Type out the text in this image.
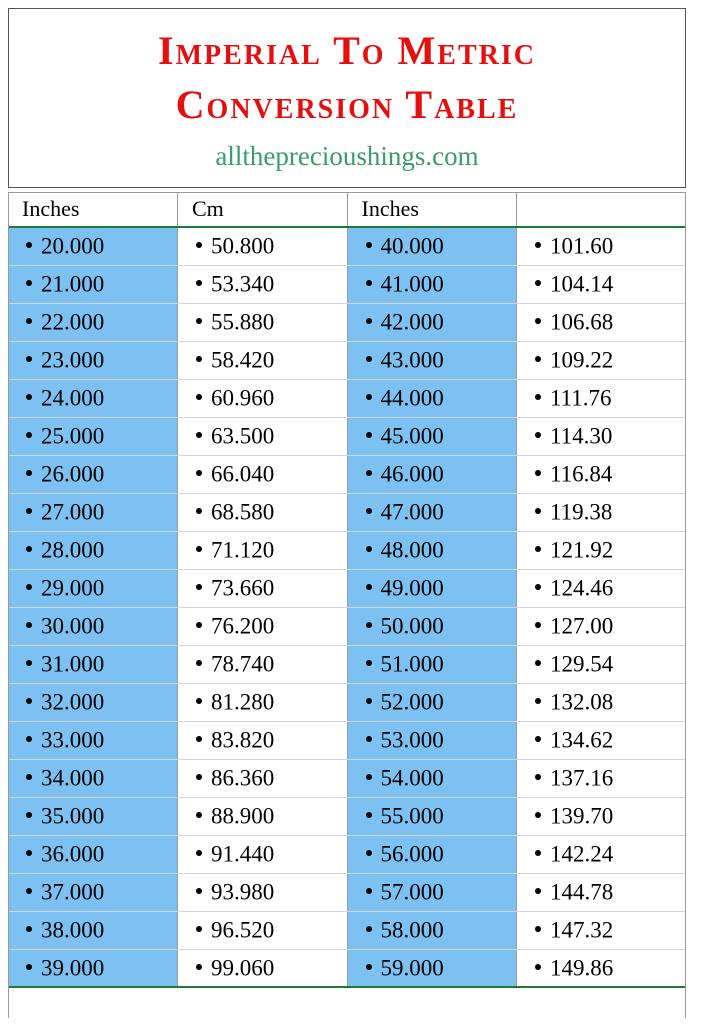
Imperial To Metric
Conversion Table
alltheprecioushings.com
Inches	Cm	Inches	
20.000	50.800	40.000	101.60
21.000	53.340	41.000	104.14
22.000	55.880	42.000	106.68
23.000	58.420	43.000	109.22
24.000	60.960	44.000	111.76
25.000	63.500	45.000	114.30
26.000	66.040	46.000	116.84
27.000	68.580	47.000	119.38
28.000	71.120	48.000	121.92
29.000	73.660	49.000	124.46
30.000	76.200	50.000	127.00
31.000	78.740	51.000	129.54
32.000	81.280	52.000	132.08
33.000	83.820	53.000	134.62
34.000	86.360	54.000	137.16
35.000	88.900	55.000	139.70
36.000	91.440	56.000	142.24
37.000	93.980	57.000	144.78
38.000	96.520	58.000	147.32
39.000	99.060	59.000	149.86
